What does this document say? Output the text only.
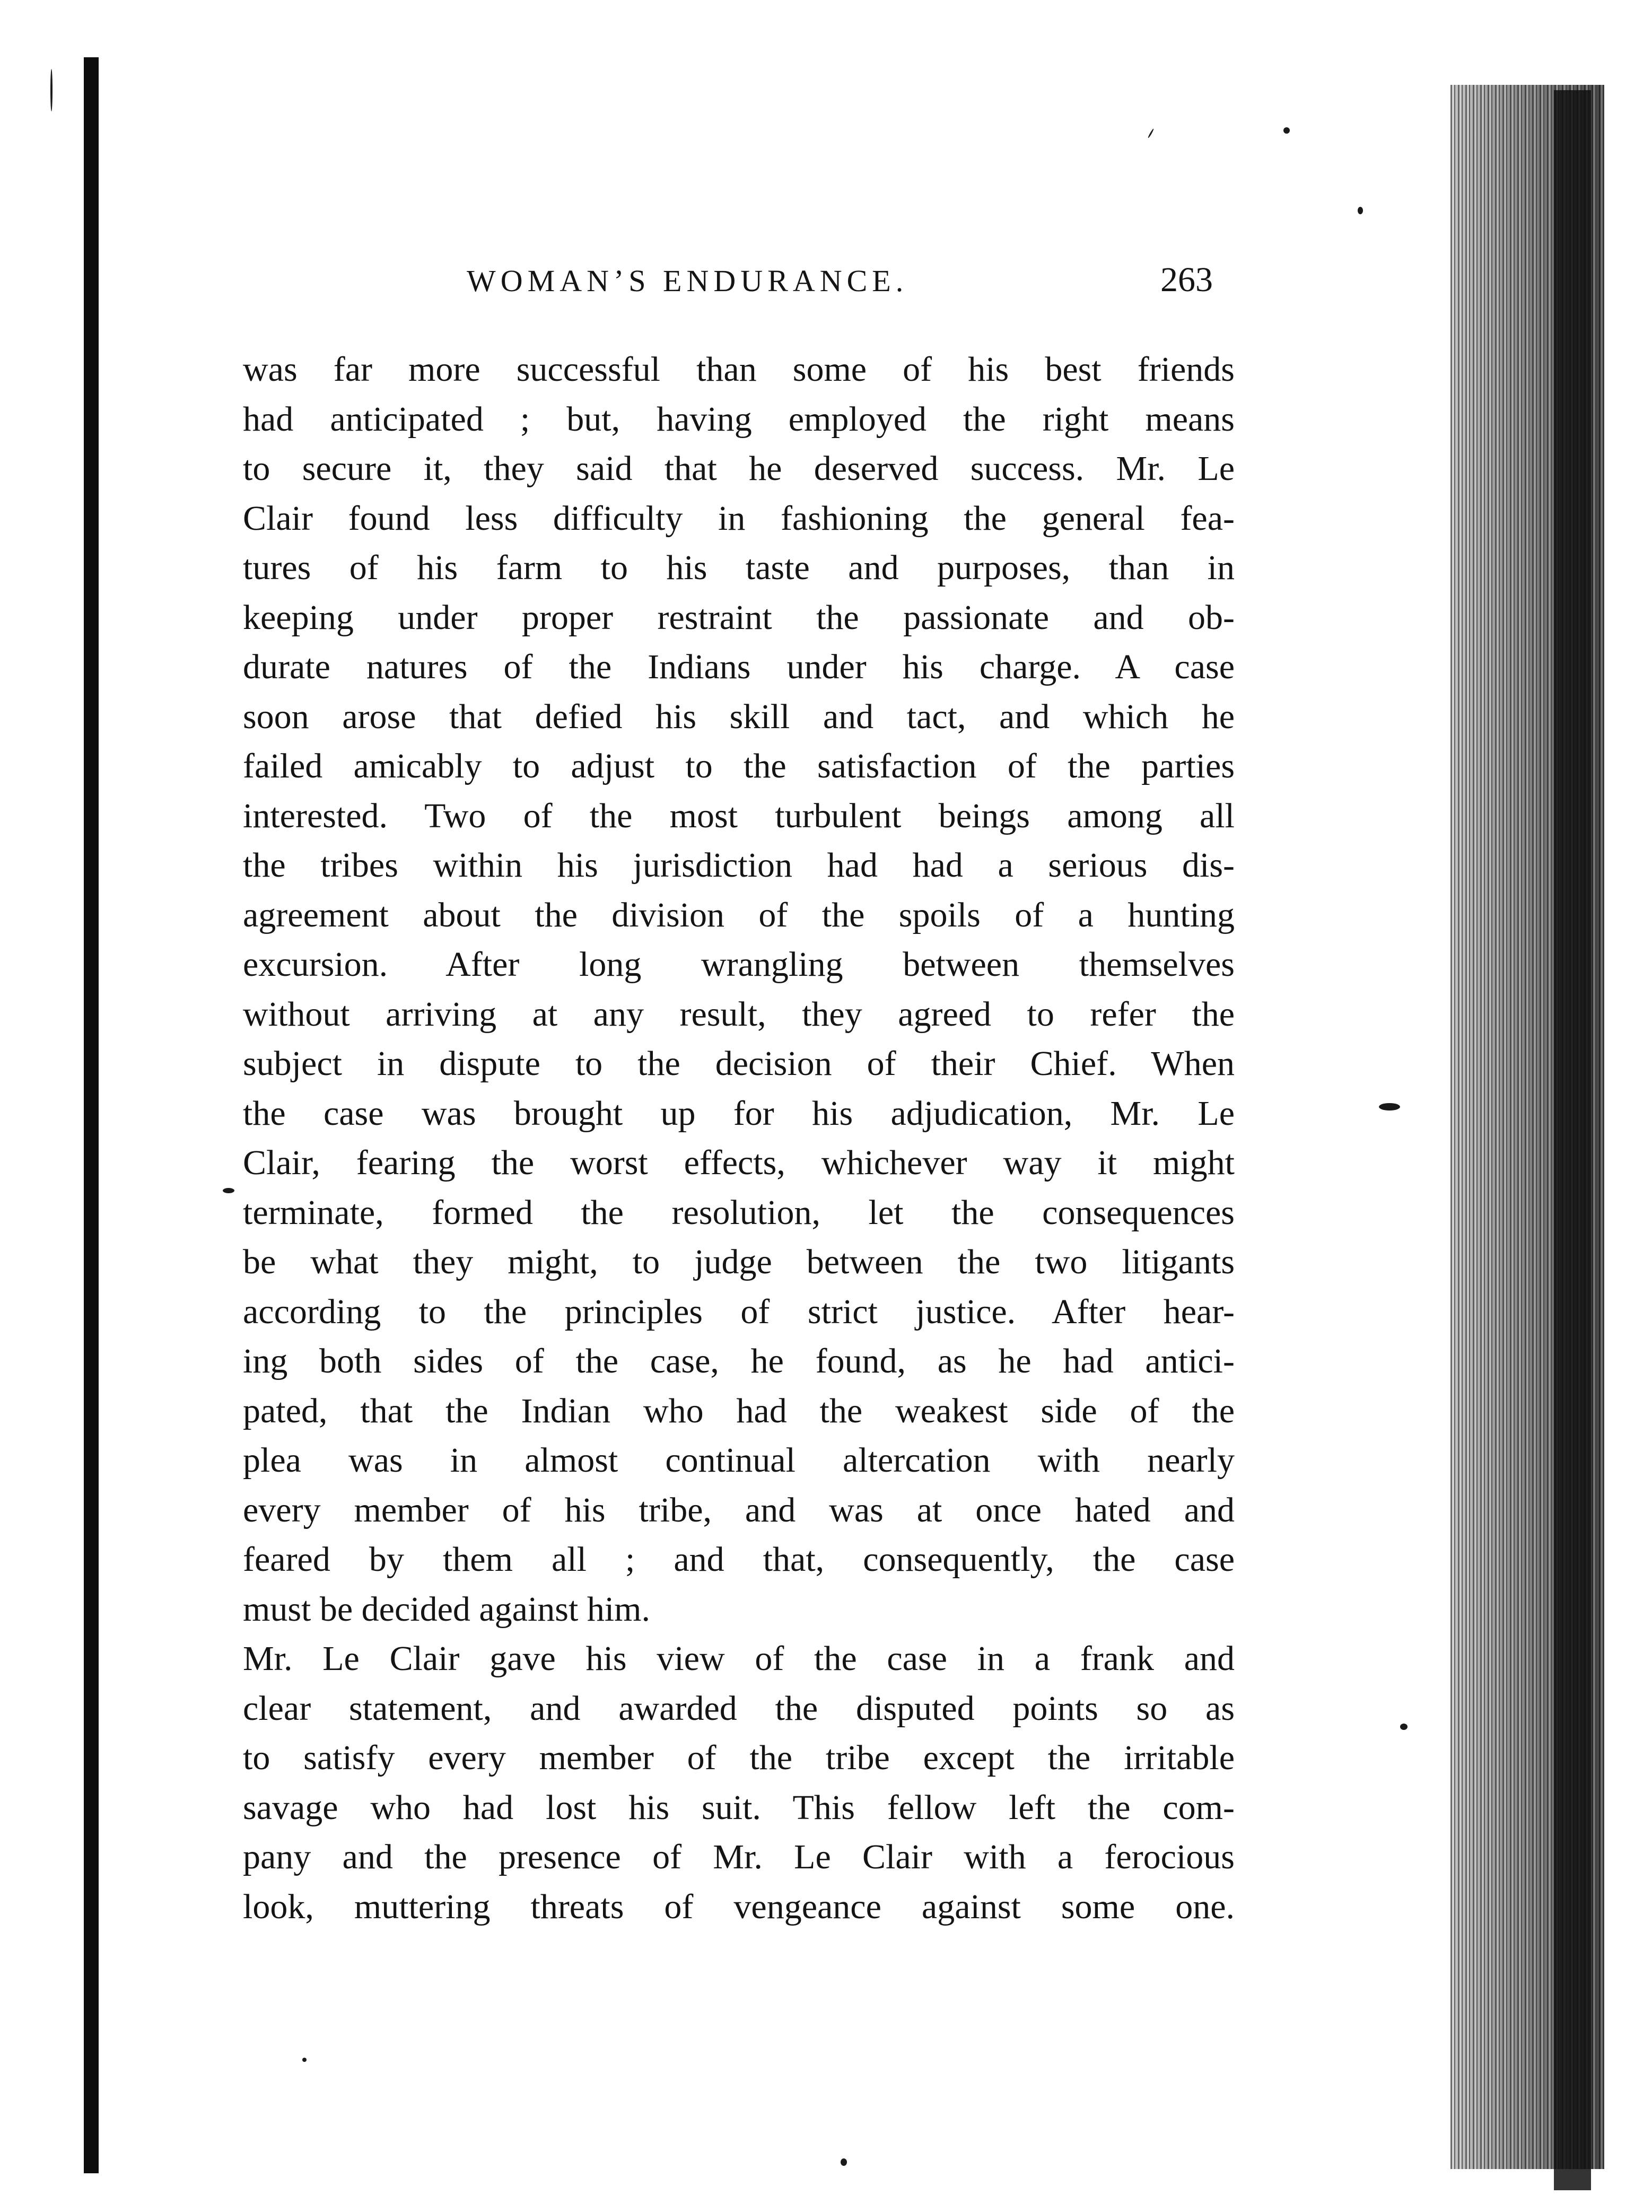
WOMAN’S ENDURANCE.	263
was far more successful than some of his best friends
had anticipated ; but, having employed the right means
to secure it, they said that he deserved success. Mr. Le
Clair found less difficulty in fashioning the general fea-
tures of his farm to his taste and purposes, than in
keeping under proper restraint the passionate and ob-
durate natures of the Indians under his charge. A case
soon arose that defied his skill and tact, and which he
failed amicably to adjust to the satisfaction of the parties
interested. Two of the most turbulent beings among all
the tribes within his jurisdiction had had a serious dis-
agreement about the division of the spoils of a hunting
excursion. After long wrangling between themselves
without arriving at any result, they agreed to refer the
subject in dispute to the decision of their Chief. When
the case was brought up for his adjudication, Mr. Le
Clair, fearing the worst effects, whichever way it might
terminate, formed the resolution, let the consequences
be what they might, to judge between the two litigants
according to the principles of strict justice. After hear-
ing both sides of the case, he found, as he had antici-
pated, that the Indian who had the weakest side of the
plea was in almost continual altercation with nearly
every member of his tribe, and was at once hated and
feared by them all ; and that, consequently, the case
must be decided against him.
Mr. Le Clair gave his view of the case in a frank and
clear statement, and awarded the disputed points so as
to satisfy every member of the tribe except the irritable
savage who had lost his suit. This fellow left the com-
pany and the presence of Mr. Le Clair with a ferocious
look, muttering threats of vengeance against some one.
